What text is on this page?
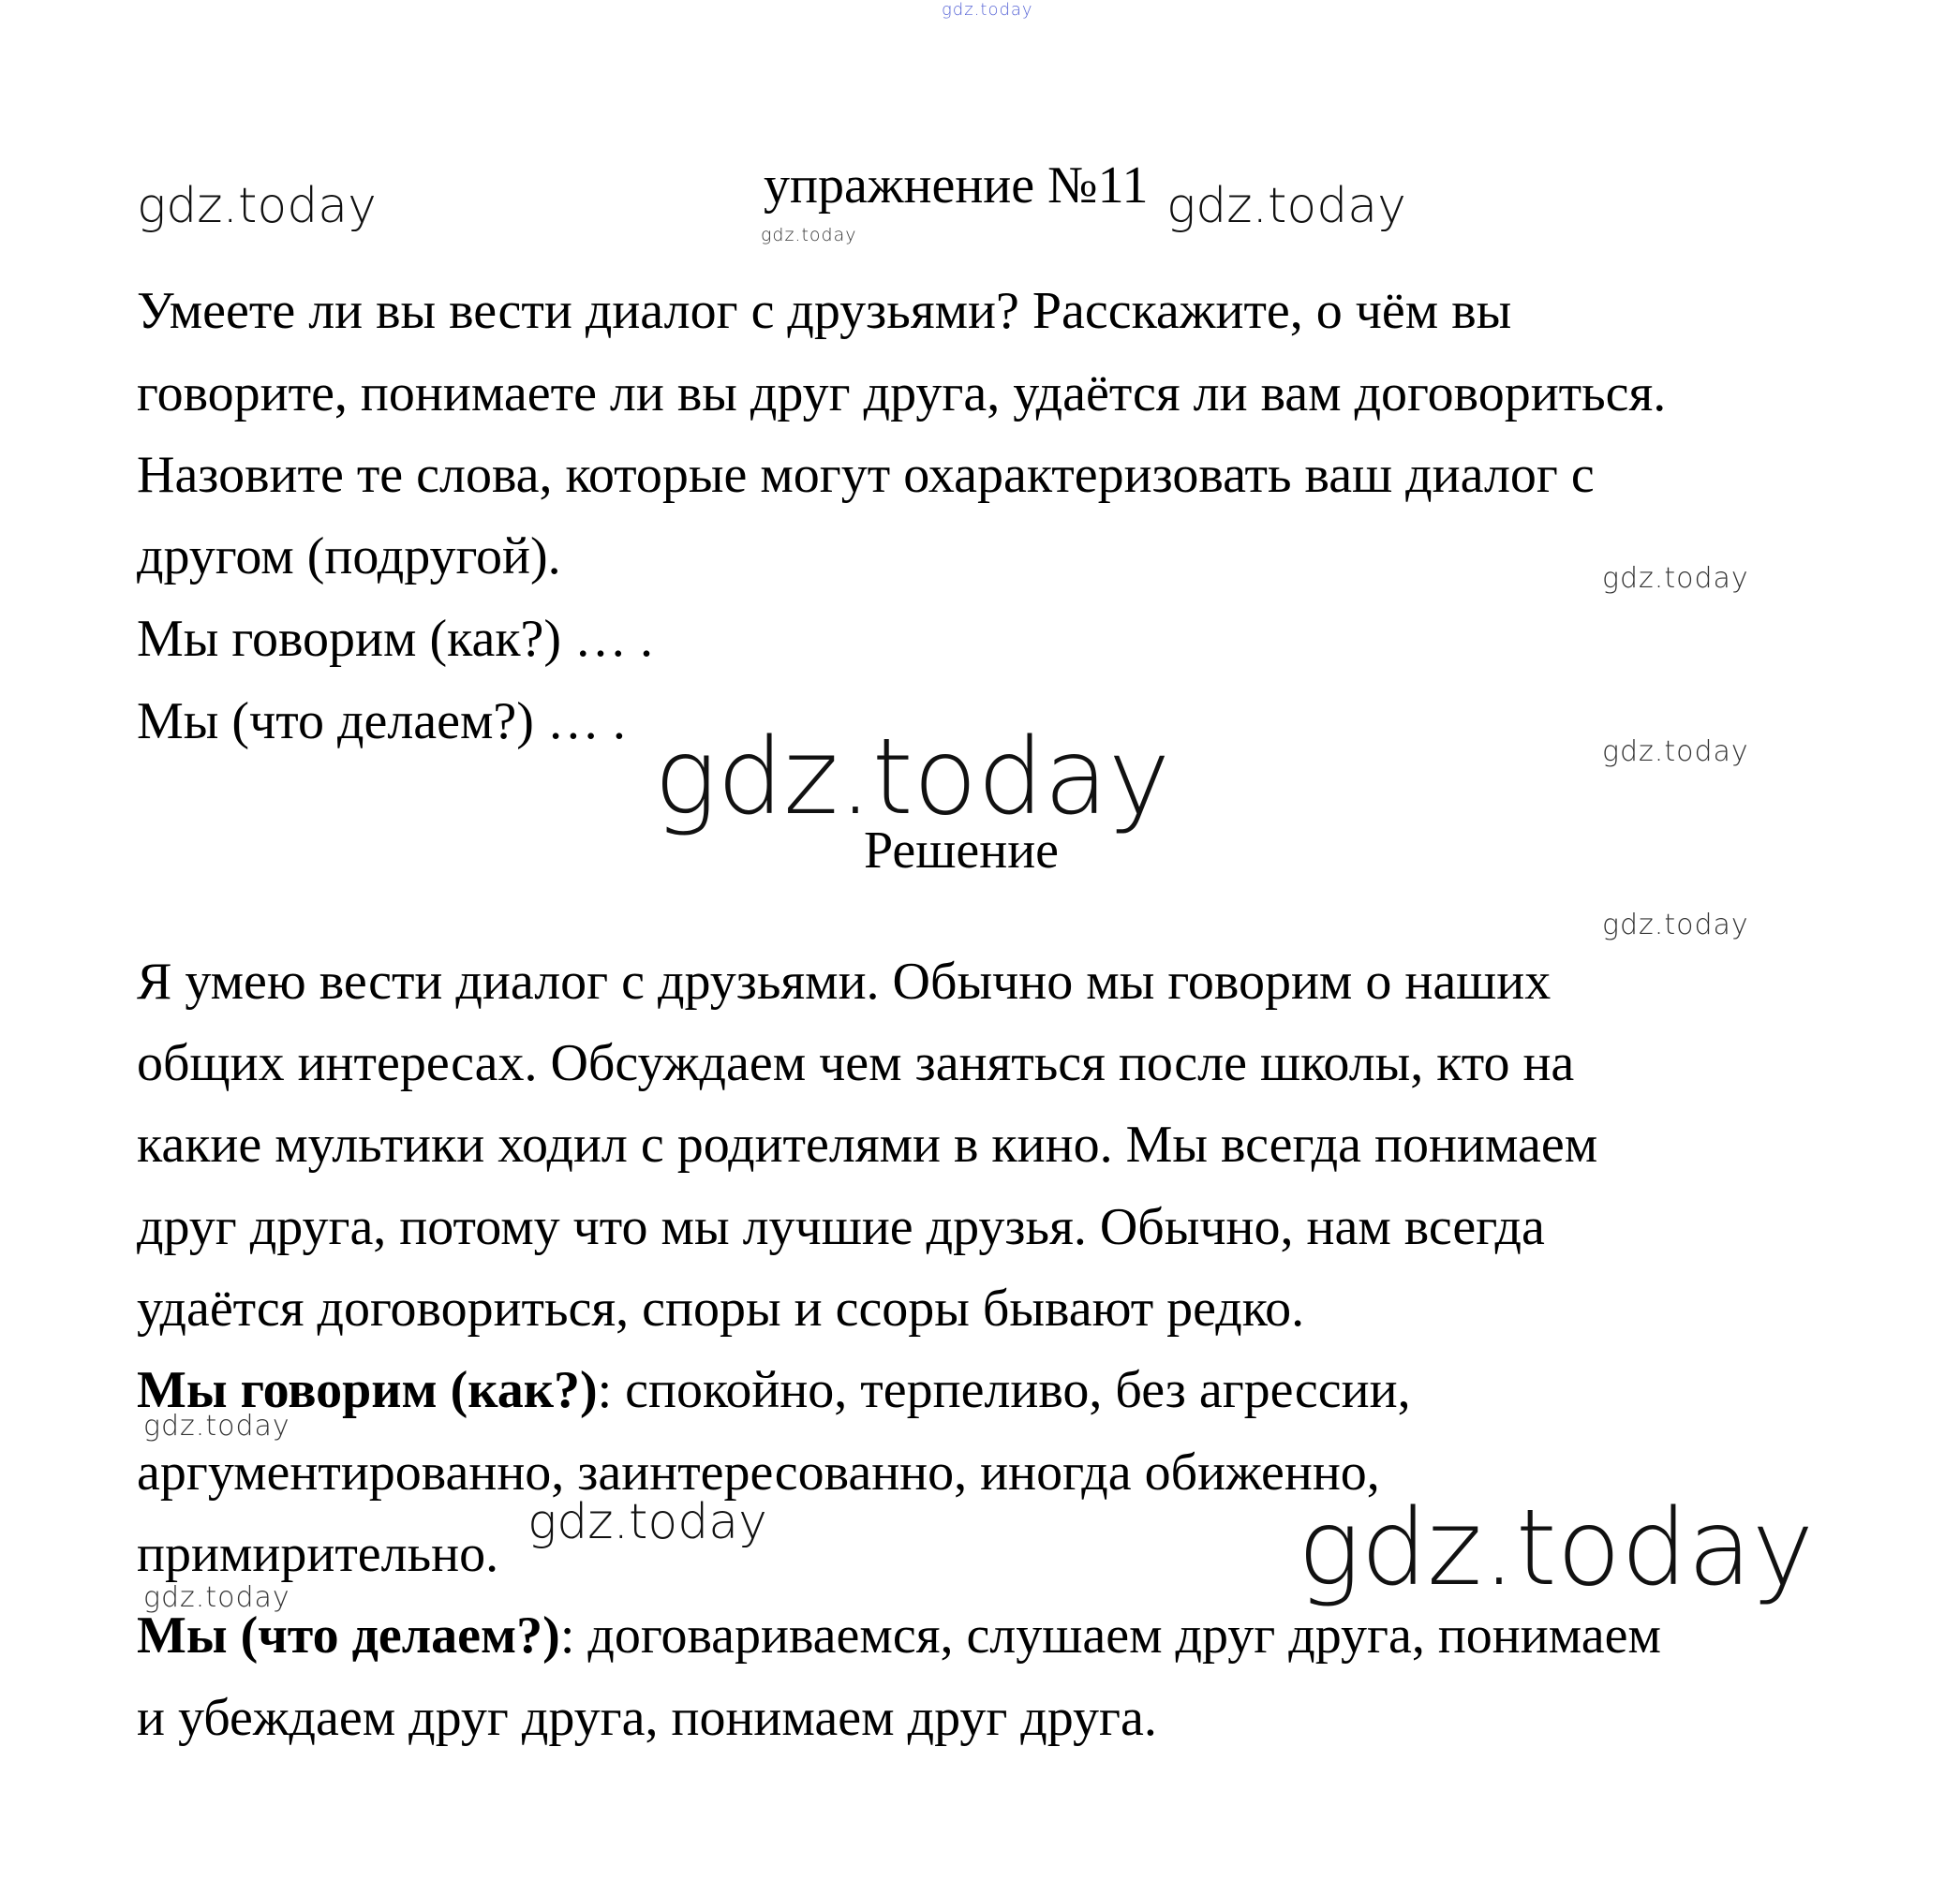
gdz.today
gdz.today	gdz.today
gdz.today
gdz.today
gdz.today
gdz.today
gdz.today
gdz.today
gdz.today	gdz.today
gdz.today
упражнение №11

Умеете ли вы вести диалог с друзьями? Расскажите, о чём вы

говорите, понимаете ли вы друг друга, удаётся ли вам договориться.

Назовите те слова, которые могут охарактеризовать ваш диалог с

другом (подругой).

Мы говорим (как?) … .

Мы (что делаем?) … .

Решение

Я умею вести диалог с друзьями. Обычно мы говорим о наших

общих интересах. Обсуждаем чем заняться после школы, кто на

какие мультики ходил с родителями в кино. Мы всегда понимаем

друг друга, потому что мы лучшие друзья. Обычно, нам всегда

удаётся договориться, споры и ссоры бывают редко.

Мы говорим (как?): спокойно, терпеливо, без агрессии,

аргументированно, заинтересованно, иногда обиженно,

примирительно.

Мы (что делаем?): договариваемся, слушаем друг друга, понимаем

и убеждаем друг друга, понимаем друг друга.
